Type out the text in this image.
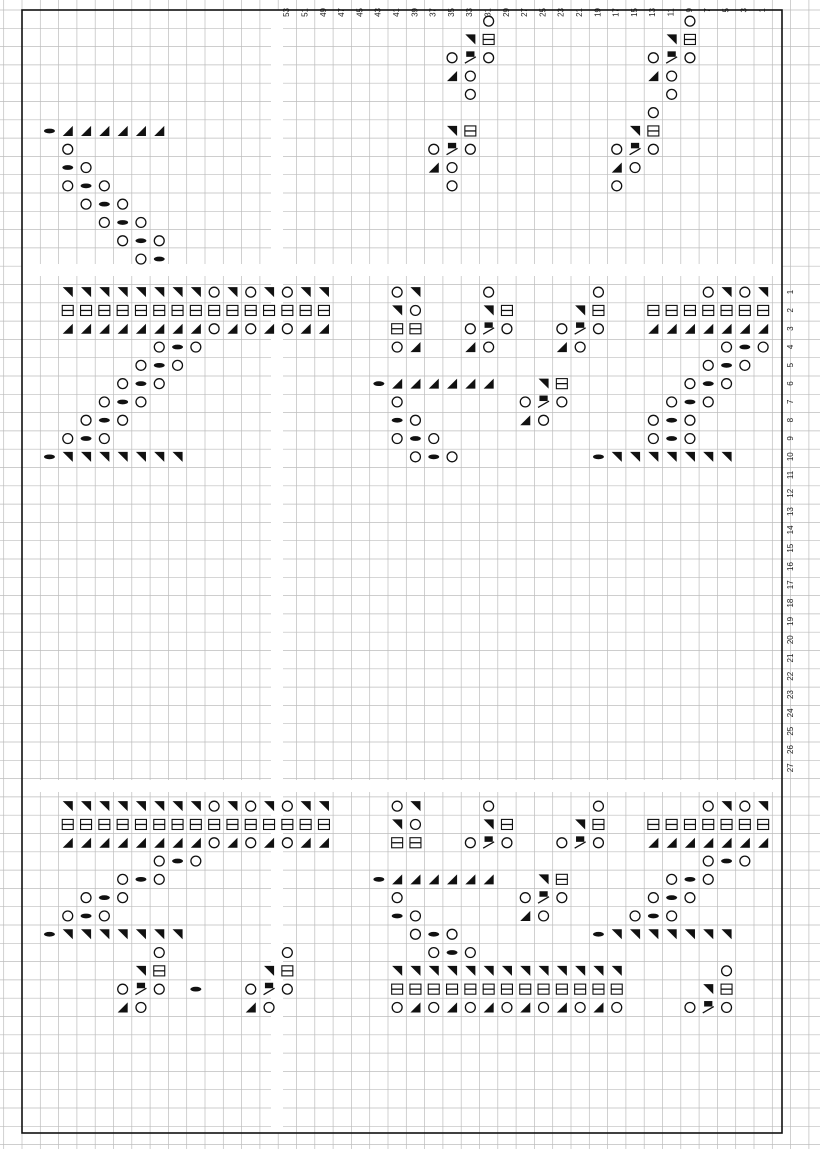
1
3
5
7
9
11
13
15
17
19
21
23
25
27
29
31
33
35
37
39
41
43
45
47
49
51
53
1
2
3
4
5
6
7
8
9
10
11
12
13
14
15
16
17
18
19
20
21
22
23
24
25
26
27
